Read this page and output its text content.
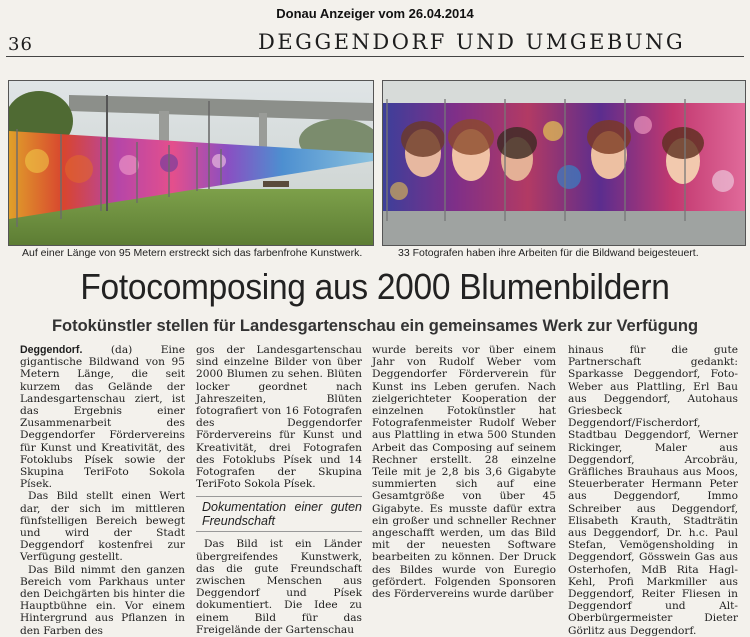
Donau Anzeiger vom 26.04.2014
36	DEGGENDORF UND UMGEBUNG
Auf einer Länge von 95 Metern erstreckt sich das farbenfrohe Kunstwerk.	33 Fotografen haben ihre Arbeiten für die Bildwand beigesteuert.
Fotocomposing aus 2000 Blumenbildern
Fotokünstler stellen für Landesgartenschau ein gemeinsames Werk zur Verfügung

Deggendorf. (da) Eine gigantische Bildwand von 95 Metern Länge, die seit kurzem das Gelände der Landesgartenschau ziert, ist das Ergebnis einer Zusammenarbeit des Deggendorfer Fördervereins für Kunst und Kreativität, des Fotoklubs Písek sowie der Skupina TeriFoto Sokola Písek.

Das Bild stellt einen Wert dar, der sich im mittleren fünfstelligen Bereich bewegt und wird der Stadt Deggendorf kostenfrei zur Verfügung gestellt.

Das Bild nimmt den ganzen Bereich vom Parkhaus unter den Deichgärten bis hinter die Hauptbühne ein. Vor einem Hintergrund aus Pflanzen in den Farben des

gos der Landesgartenschau sind einzelne Bilder von über 2000 Blumen zu sehen. Blüten locker geordnet nach Jahreszeiten, Blüten fotografiert von 16 Fotografen des Deggendorfer Fördervereins für Kunst und Kreativität, drei Fotografen des Fotoklubs Písek und 14 Fotografen der Skupina TeriFoto Sokola Písek.

Dokumentation einer guten Freundschaft

Das Bild ist ein Länder übergreifendes Kunstwerk, das die gute Freundschaft zwischen Menschen aus Deggendorf und Písek dokumentiert. Die Idee zu einem Bild für das Freigelände der Gartenschau

wurde bereits vor über einem Jahr von Rudolf Weber vom Deggendorfer Förderverein für Kunst ins Leben gerufen. Nach zielgerichteter Kooperation der einzelnen Fotokünstler hat Fotografenmeister Rudolf Weber aus Plattling in etwa 500 Stunden Arbeit das Composing auf seinem Rechner erstellt. 28 einzelne Teile mit je 2,8 bis 3,6 Gigabyte summierten sich auf eine Gesamtgröße von über 45 Gigabyte. Es musste dafür extra ein großer und schneller Rechner angeschafft werden, um das Bild mit der neuesten Software bearbeiten zu können. Der Druck des Bildes wurde von Euregio gefördert. Folgenden Sponsoren des Fördervereins wurde darüber

hinaus für die gute Partnerschaft gedankt: Sparkasse Deggendorf, Foto-Weber aus Plattling, Erl Bau aus Deggendorf, Autohaus Griesbeck Deggendorf/Fischerdorf, Stadtbau Deggendorf, Werner Rickinger, Maler aus Deggendorf, Arcobräu, Gräfliches Brauhaus aus Moos, Steuerberater Hermann Peter aus Deggendorf, Immo Schreiber aus Deggendorf, Elisabeth Krauth, Stadträtin aus Deggendorf, Dr. h.c. Paul Stefan, Vemögensholding in Deggendorf, Gösswein Gas aus Osterhofen, MdB Rita Hagl-Kehl, Profi Markmiller aus Deggendorf, Reiter Fliesen in Deggendorf und Alt-Oberbürgermeister Dieter Görlitz aus Deggendorf.
